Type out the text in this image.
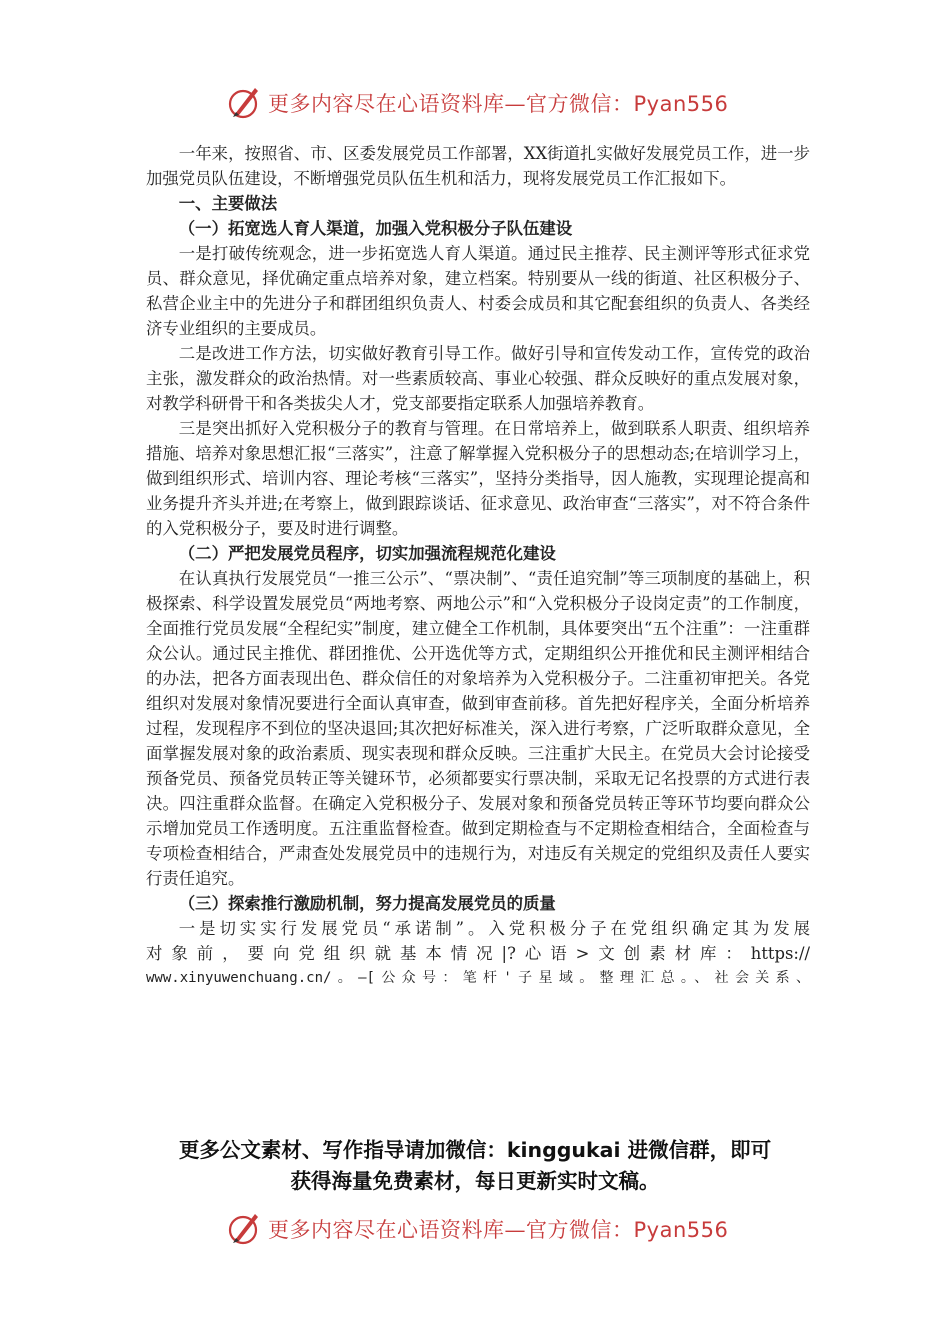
更多内容尽在心语资料库—官方微信：Pyan556

一年来，按照省、市、区委发展党员工作部署，XX街道扎实做好发展党员工作，进一步加强党员队伍建设，不断增强党员队伍生机和活力，现将发展党员工作汇报如下。

一、主要做法

（一）拓宽选人育人渠道，加强入党积极分子队伍建设

一是打破传统观念，进一步拓宽选人育人渠道。通过民主推荐、民主测评等形式征求党员、群众意见，择优确定重点培养对象，建立档案。特别要从一线的街道、社区积极分子、私营企业主中的先进分子和群团组织负责人、村委会成员和其它配套组织的负责人、各类经济专业组织的主要成员。

二是改进工作方法，切实做好教育引导工作。做好引导和宣传发动工作，宣传党的政治主张，激发群众的政治热情。对一些素质较高、事业心较强、群众反映好的重点发展对象，对教学科研骨干和各类拔尖人才，党支部要指定联系人加强培养教育。

三是突出抓好入党积极分子的教育与管理。在日常培养上，做到联系人职责、组织培养措施、培养对象思想汇报“三落实”，注意了解掌握入党积极分子的思想动态;在培训学习上，做到组织形式、培训内容、理论考核“三落实”，坚持分类指导，因人施教，实现理论提高和业务提升齐头并进;在考察上，做到跟踪谈话、征求意见、政治审查“三落实”，对不符合条件的入党积极分子，要及时进行调整。

（二）严把发展党员程序，切实加强流程规范化建设

在认真执行发展党员“一推三公示”、“票决制”、“责任追究制”等三项制度的基础上，积极探索、科学设置发展党员“两地考察、两地公示”和“入党积极分子设岗定责”的工作制度，全面推行党员发展“全程纪实”制度，建立健全工作机制，具体要突出“五个注重”：一注重群众公认。通过民主推优、群团推优、公开选优等方式，定期组织公开推优和民主测评相结合的办法，把各方面表现出色、群众信任的对象培养为入党积极分子。二注重初审把关。各党组织对发展对象情况要进行全面认真审查，做到审查前移。首先把好程序关，全面分析培养过程，发现程序不到位的坚决退回;其次把好标准关，深入进行考察，广泛听取群众意见，全面掌握发展对象的政治素质、现实表现和群众反映。三注重扩大民主。在党员大会讨论接受预备党员、预备党员转正等关键环节，必须都要实行票决制，采取无记名投票的方式进行表决。四注重群众监督。在确定入党积极分子、发展对象和预备党员转正等环节均要向群众公示增加党员工作透明度。五注重监督检查。做到定期检查与不定期检查相结合，全面检查与专项检查相结合，严肃查处发展党员中的违规行为，对违反有关规定的党组织及责任人要实行责任追究。

（三）探索推行激励机制，努力提高发展党员的质量

一是切实实行发展党员“承诺制”。入党积极分子在党组织确定其为发展

对象前，要向党组织就基本情况|?心语>文创素材库：https://

www.xinyuwenchuang.cn/。—[公众号：笔杆'子星域。整理汇总。、社会关系、

更多公文素材、写作指导请加微信：kinggukai 进微信群，即可
获得海量免费素材，每日更新实时文稿。
更多内容尽在心语资料库—官方微信：Pyan556
